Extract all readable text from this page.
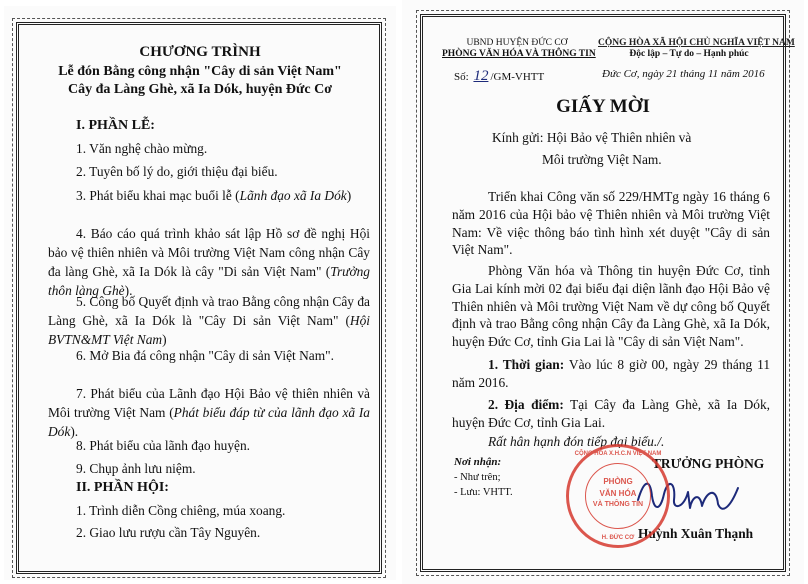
CHƯƠNG TRÌNH
Lễ đón Bằng công nhận "Cây di sản Việt Nam"
Cây đa Làng Ghè, xã Ia Dók, huyện Đức Cơ
I. PHẦN LỄ:
1. Văn nghệ chào mừng.
2. Tuyên bố lý do, giới thiệu đại biểu.
3. Phát biểu khai mạc buổi lễ (Lãnh đạo xã Ia Dók)
4. Báo cáo quá trình khảo sát lập Hồ sơ đề nghị Hội bảo vệ thiên nhiên và Môi trường Việt Nam công nhận Cây đa làng Ghè, xã Ia Dók là cây "Di sản Việt Nam" (Trưởng thôn làng Ghè).
5. Công bố Quyết định và trao Bằng công nhận Cây đa Làng Ghè, xã Ia Dók là "Cây Di sản Việt Nam" (Hội BVTN&MT Việt Nam)
6. Mở Bia đá công nhận "Cây di sản Việt Nam".
7. Phát biểu của Lãnh đạo Hội Bảo vệ thiên nhiên và Môi trường Việt Nam (Phát biểu đáp từ của lãnh đạo xã Ia Dók).
8. Phát biểu của lãnh đạo huyện.
9. Chụp ảnh lưu niệm.
II. PHẦN HỘI:
1. Trình diễn Cồng chiêng, múa xoang.
2. Giao lưu rượu cần Tây Nguyên.
UBND HUYỆN ĐỨC CƠ
PHÒNG VĂN HÓA VÀ THÔNG TIN
CỘNG HÒA XÃ HỘI CHỦ NGHĨA VIỆT NAM
Độc lập – Tự do – Hạnh phúc
Số: 12 /GM-VHTT	Đức Cơ, ngày 21 tháng 11 năm 2016
GIẤY MỜI
Kính gửi: Hội Bảo vệ Thiên nhiên và
Môi trường Việt Nam.
Triển khai Công văn số 229/HMTg ngày 16 tháng 6 năm 2016 của Hội bảo vệ Thiên nhiên và Môi trường Việt Nam: Về việc thông báo tình hình xét duyệt "Cây di sản Việt Nam".
Phòng Văn hóa và Thông tin huyện Đức Cơ, tỉnh Gia Lai kính mời 02 đại biểu đại diện lãnh đạo Hội Bảo vệ Thiên nhiên và Môi trường Việt Nam về dự công bố Quyết định và trao Bằng công nhận Cây đa Làng Ghè, xã Ia Dók, huyện Đức Cơ, tỉnh Gia Lai là "Cây di sản Việt Nam".
1. Thời gian: Vào lúc 8 giờ 00, ngày 29 tháng 11 năm 2016.
2. Địa điểm: Tại Cây đa Làng Ghè, xã Ia Dók, huyện Đức Cơ, tỉnh Gia Lai.
Rất hân hạnh đón tiếp đại biểu./.
Nơi nhận:
- Như trên;
- Lưu: VHTT.
TRƯỞNG PHÒNG
Huỳnh Xuân Thạnh
CỘNG HÒA X.H.C.N VIỆT NAM
PHÒNG
VĂN HÓA
VÀ THÔNG TIN
H. ĐỨC CƠ
